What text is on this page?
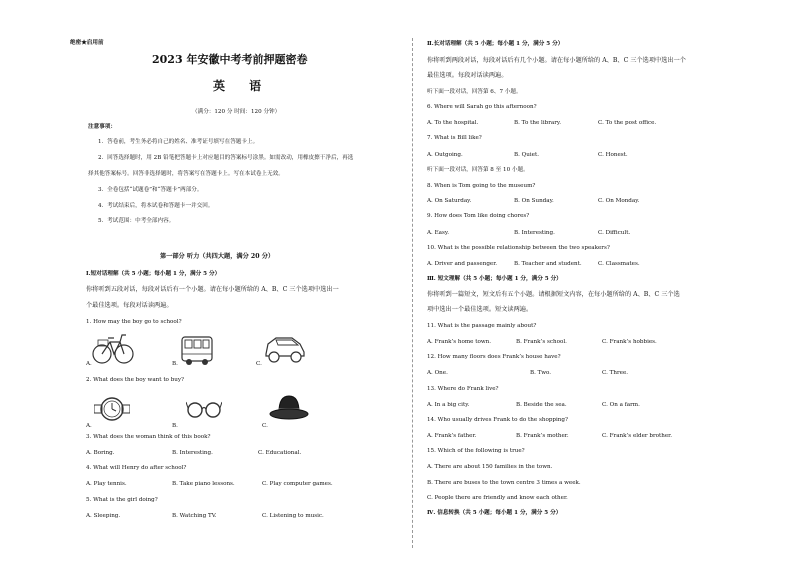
绝密★启用前
2023 年安徽中考考前押题密卷
英 语
（满分：120 分 时间：120 分钟）
注意事项：
1．答卷前，考生务必将自己的姓名、准考证号填写在答题卡上。
2．回答选择题时，用 2B 铅笔把答题卡上对应题目的答案标号涂黑。如需改动，用橡皮擦干净后，再选
择其他答案标号。回答非选择题时，将答案写在答题卡上。写在本试卷上无效。
3．全卷包括“试题卷”和“答题卡”两部分。
4．考试结束后，将本试卷和答题卡一并交回。
5．考试范围：中考全部内容。
第一部分 听力（共四大题，满分 20 分）
Ⅰ.短对话理解（共 5 小题；每小题 1 分，满分 5 分）
你将听到五段对话，每段对话后有一个小题。请在每小题所给的 A、B、C 三个选项中选出一
个最佳选项。每段对话读两遍。
1. How may the boy go to school?
A.	B.	C.
2. What does the boy want to buy?
A.	B.	C.
3. What does the woman think of this book?
A. Boring.	B. Interesting.	C. Educational.
4. What will Henry do after school?
A. Play tennis.	B. Take piano lessons.	C. Play computer games.
5. What is the girl doing?
A. Sleeping.	B. Watching TV.	C. Listening to music.
Ⅱ.长对话理解（共 5 小题；每小题 1 分，满分 5 分）
你将听到两段对话，每段对话后有几个小题。请在每小题所给的 A、B、C 三个选项中选出一个
最佳选项。每段对话读两遍。
听下面一段对话，回答第 6、7 小题。
6. Where will Sarah go this afternoon?
A. To the hospital.	B. To the library.	C. To the post office.
7. What is Bill like?
A. Outgoing.	B. Quiet.	C. Honest.
听下面一段对话，回答第 8 至 10 小题。
8. When is Tom going to the museum?
A. On Saturday.	B. On Sunday.	C. On Monday.
9. How does Tom like doing chores?
A. Easy.	B. Interesting.	C. Difficult.
10. What is the possible relationship between the two speakers?
A. Driver and passenger.	B. Teacher and student.	C. Classmates.
Ⅲ. 短文理解（共 5 小题；每小题 1 分，满分 5 分）
你将听到一篇短文，短文后有五个小题。请根据短文内容，在每小题所给的 A、B、C 三个选
项中选出一个最佳选项。短文读两遍。
11. What is the passage mainly about?
A. Frank’s home town.	B. Frank’s school.	C. Frank’s hobbies.
12. How many floors does Frank’s house have?
A. One.	B. Two.	C. Three.
13. Where do Frank live?
A. In a big city.	B. Beside the sea.	C. On a farm.
14. Who usually drives Frank to do the shopping?
A. Frank’s father.	B. Frank’s mother.	C. Frank’s elder brother.
15. Which of the following is true?
A. There are about 150 families in the town.
B. There are buses to the town centre 3 times a week.
C. People there are friendly and know each other.
Ⅳ. 信息转换（共 5 小题；每小题 1 分，满分 5 分）
